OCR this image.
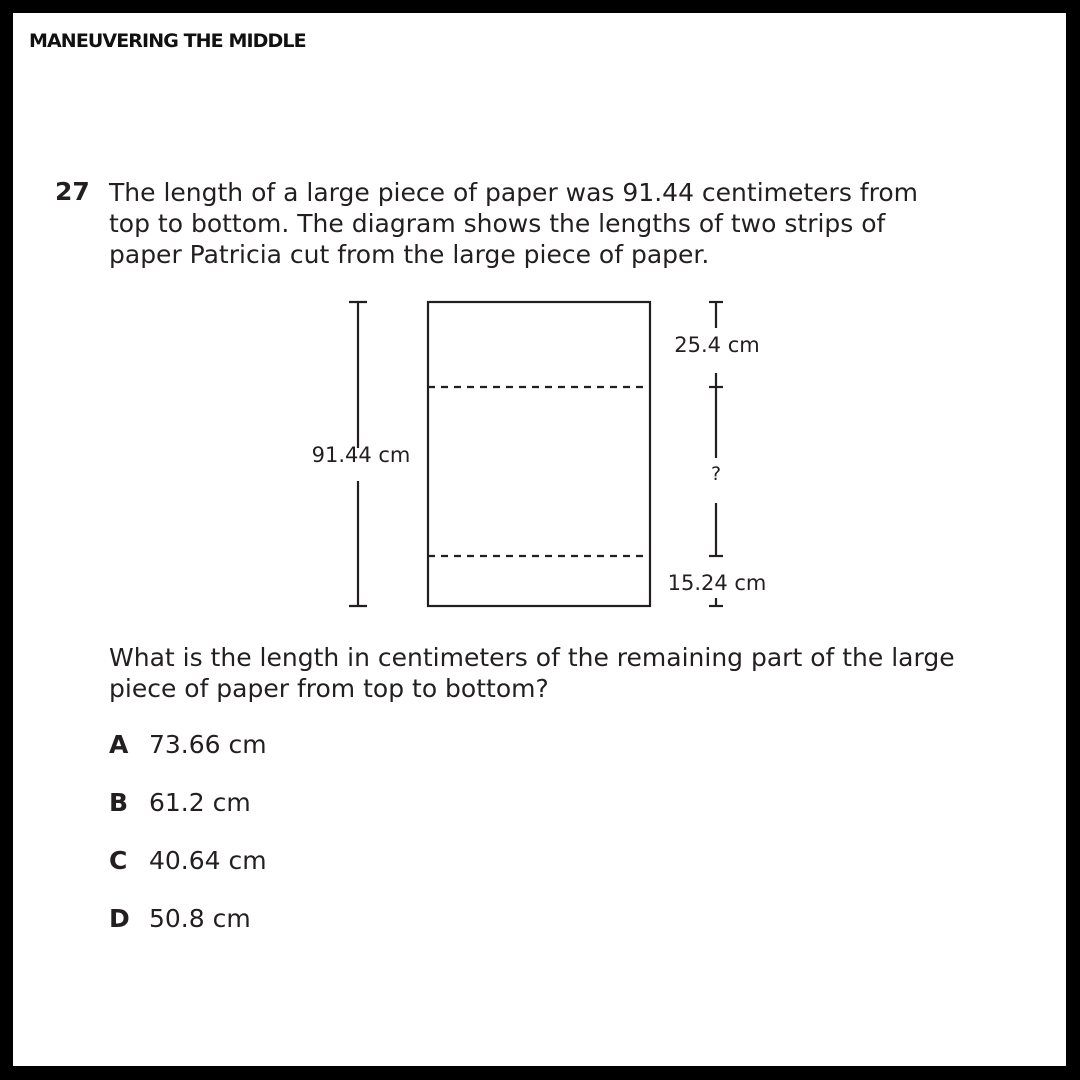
MANEUVERING THE MIDDLE
27 The length of a large piece of paper was 91.44 centimeters from
top to bottom. The diagram shows the lengths of two strips of
paper Patricia cut from the large piece of paper.
91.44 cm
25.4 cm
?
15.24 cm
What is the length in centimeters of the remaining part of the large
piece of paper from top to bottom?
A 73.66 cm
B 61.2 cm
C 40.64 cm
D 50.8 cm
